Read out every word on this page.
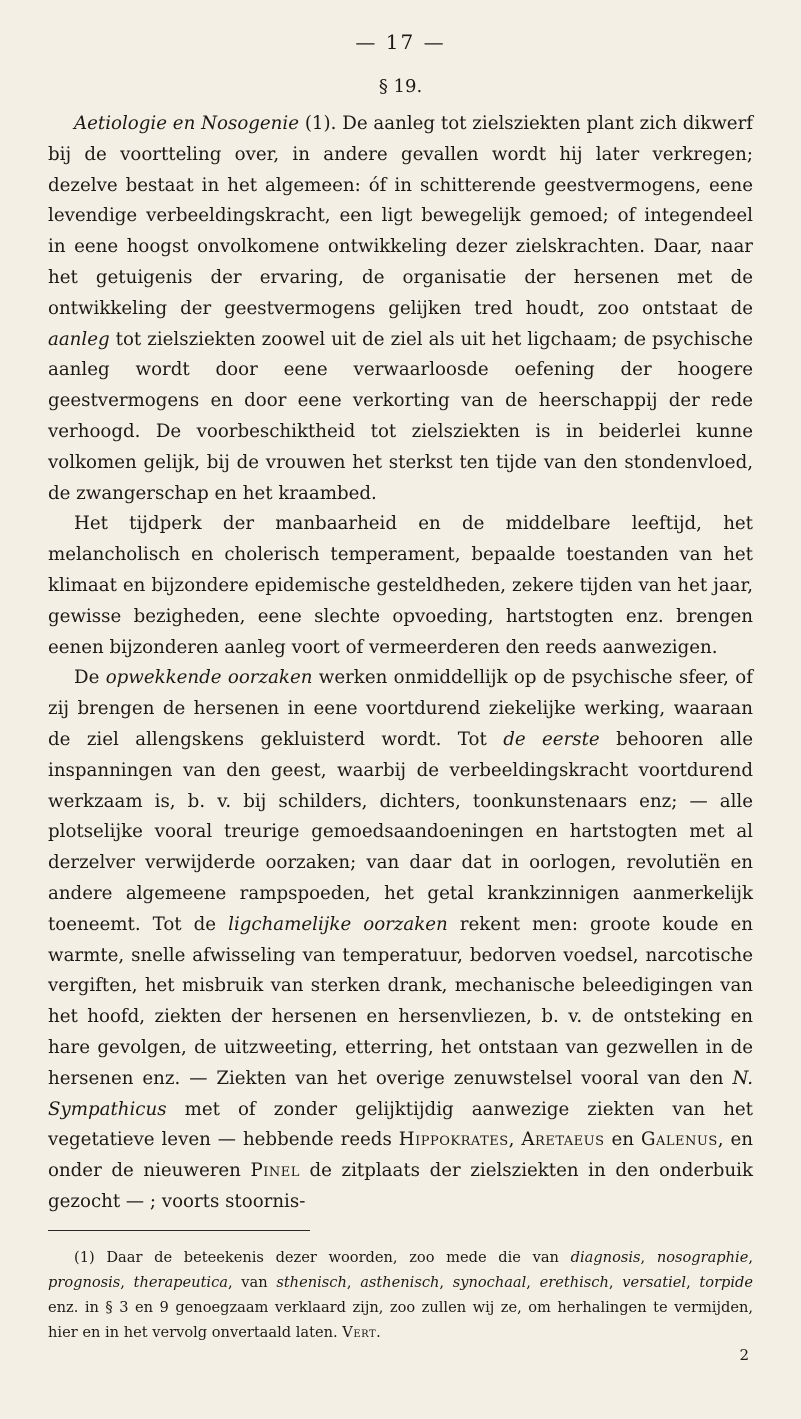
— 17 —
§ 19.

Aetiologie en Nosogenie (1). De aanleg tot zielsziekten plant zich dikwerf bij de voortteling over, in andere gevallen wordt hij later verkregen; dezelve bestaat in het algemeen: óf in schitterende geestvermogens, eene levendige verbeeldingskracht, een ligt bewegelijk gemoed; of integendeel in eene hoogst onvolkomene ontwikkeling dezer zielskrachten. Daar, naar het getuigenis der ervaring, de organisatie der hersenen met de ontwikkeling der geestvermogens gelijken tred houdt, zoo ontstaat de aanleg tot zielsziekten zoowel uit de ziel als uit het ligchaam; de psychische aanleg wordt door eene verwaarloosde oefening der hoogere geestvermogens en door eene verkorting van de heerschappij der rede verhoogd. De voorbeschiktheid tot zielsziekten is in beiderlei kunne volkomen gelijk, bij de vrouwen het sterkst ten tijde van den stondenvloed, de zwangerschap en het kraambed.

Het tijdperk der manbaarheid en de middelbare leeftijd, het melancholisch en cholerisch temperament, bepaalde toestanden van het klimaat en bijzondere epidemische gesteldheden, zekere tijden van het jaar, gewisse bezigheden, eene slechte opvoeding, hartstogten enz. brengen eenen bijzonderen aanleg voort of vermeerderen den reeds aanwezigen.

De opwekkende oorzaken werken onmiddellijk op de psychische sfeer, of zij brengen de hersenen in eene voortdurend ziekelijke werking, waaraan de ziel allengskens gekluisterd wordt. Tot de eerste behooren alle inspanningen van den geest, waarbij de verbeeldingskracht voortdurend werkzaam is, b. v. bij schilders, dichters, toonkunstenaars enz; — alle plotselijke vooral treurige gemoedsaandoeningen en hartstogten met al derzelver verwijderde oorzaken; van daar dat in oorlogen, revolutiën en andere algemeene rampspoeden, het getal krankzinnigen aanmerkelijk toeneemt. Tot de ligchamelijke oorzaken rekent men: groote koude en warmte, snelle afwisseling van temperatuur, bedorven voedsel, narcotische vergiften, het misbruik van sterken drank, mechanische beleedigingen van het hoofd, ziekten der hersenen en hersenvliezen, b. v. de ontsteking en hare gevolgen, de uitzweeting, etterring, het ontstaan van gezwellen in de hersenen enz. — Ziekten van het overige zenuwstelsel vooral van den N. Sympathicus met of zonder gelijktijdig aanwezige ziekten van het vegetatieve leven — hebbende reeds Hippokrates, Aretaeus en Galenus, en onder de nieuweren Pinel de zitplaats der zielsziekten in den onderbuik gezocht — ; voorts stoornis-

(1) Daar de beteekenis dezer woorden, zoo mede die van diagnosis, nosographie, prognosis, therapeutica, van sthenisch, asthenisch, synochaal, erethisch, versatiel, torpide enz. in § 3 en 9 genoegzaam verklaard zijn, zoo zullen wij ze, om herhalingen te vermijden, hier en in het vervolg onvertaald laten. Vert.

2
